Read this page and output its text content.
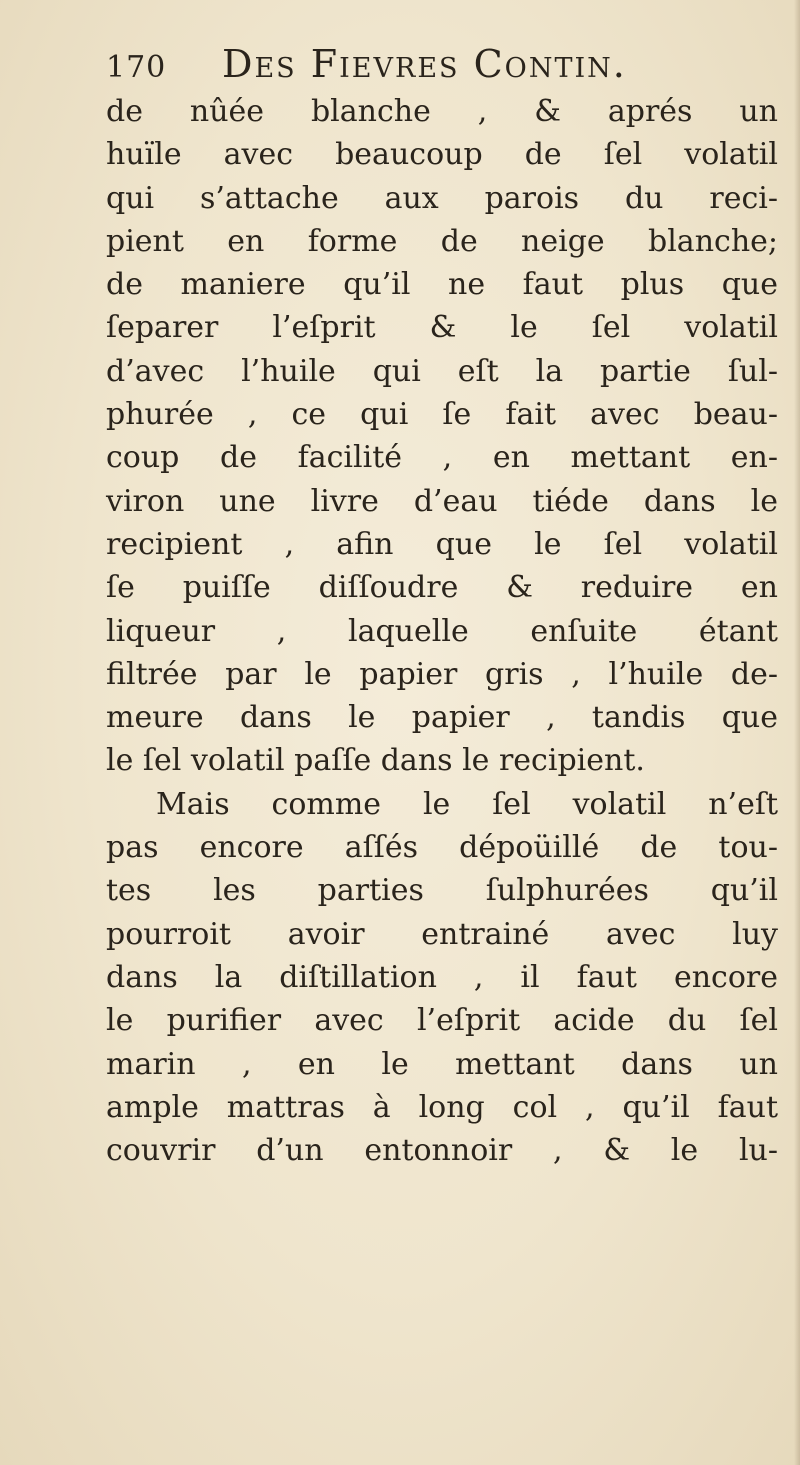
170 Des Fievres Contin.
de nûée blanche , & aprés un
huïle avec beaucoup de ſel volatil
qui s’attache aux parois du reci-
pient en forme de neige blanche;
de maniere qu’il ne faut plus que
ſeparer l’eſprit & le ſel volatil
d’avec l’huile qui eſt la partie ſul-
phurée , ce qui ſe fait avec beau-
coup de facilité , en mettant en-
viron une livre d’eau tiéde dans le
recipient , afin que le ſel volatil
ſe puiſſe diſſoudre & reduire en
liqueur , laquelle enſuite étant
filtrée par le papier gris , l’huile de-
meure dans le papier , tandis que
le ſel volatil paſſe dans le recipient.
Mais comme le ſel volatil n’eſt
pas encore aſſés dépoüillé de tou-
tes les parties ſulphurées qu’il
pourroit avoir entrainé avec luy
dans la diſtillation , il faut encore
le purifier avec l’eſprit acide du ſel
marin , en le mettant dans un
ample mattras à long col , qu’il faut
couvrir d’un entonnoir , & le lu-
